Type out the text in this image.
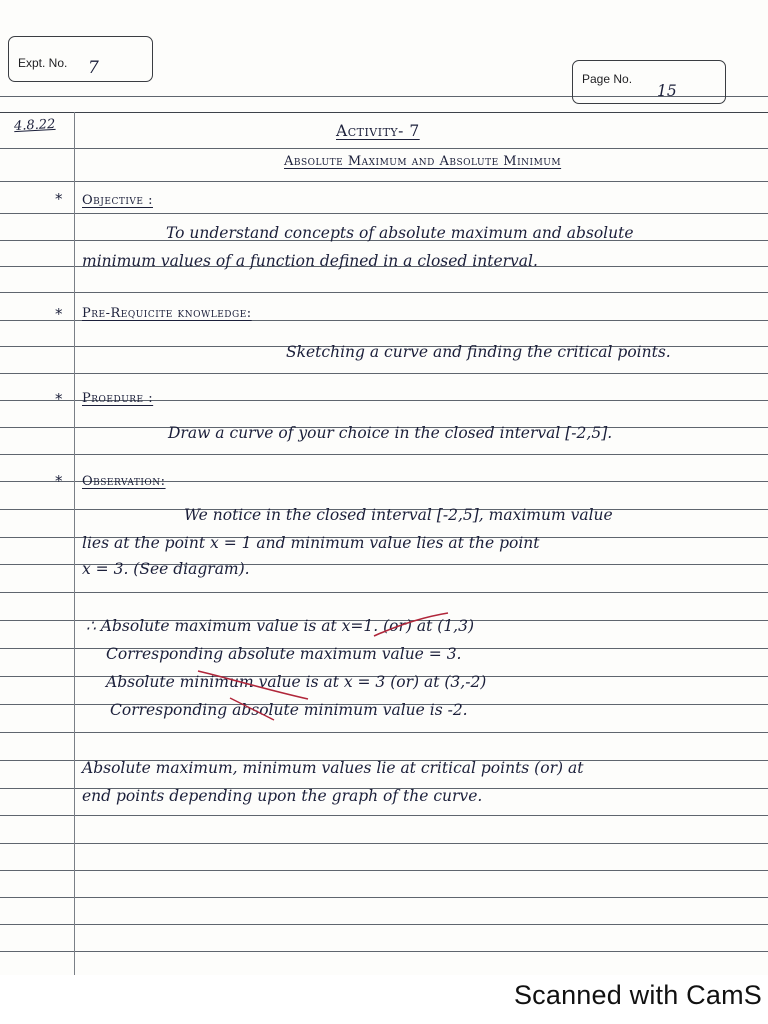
Expt. No. 7
Page No.
15
4.8.22	Activity- 7
Absolute Maximum and Absolute Minimum
* Objective :
To understand concepts of absolute maximum and absolute
minimum values of a function defined in a closed interval.
* Pre-Requicite knowledge:
Sketching a curve and finding the critical points.
* Proedure :
Draw a curve of your choice in the closed interval [-2,5].
* Observation:
We notice in the closed interval [-2,5], maximum value
lies at the point x = 1 and minimum value lies at the point
x = 3. (See diagram).
∴ Absolute maximum value is at x=1. (or) at (1,3)
Corresponding absolute maximum value = 3.
Absolute minimum value is at x = 3 (or) at (3,-2)
Corresponding absolute minimum value is -2.
Absolute maximum, minimum values lie at critical points (or) at
end points depending upon the graph of the curve.
Scanned with CamS
